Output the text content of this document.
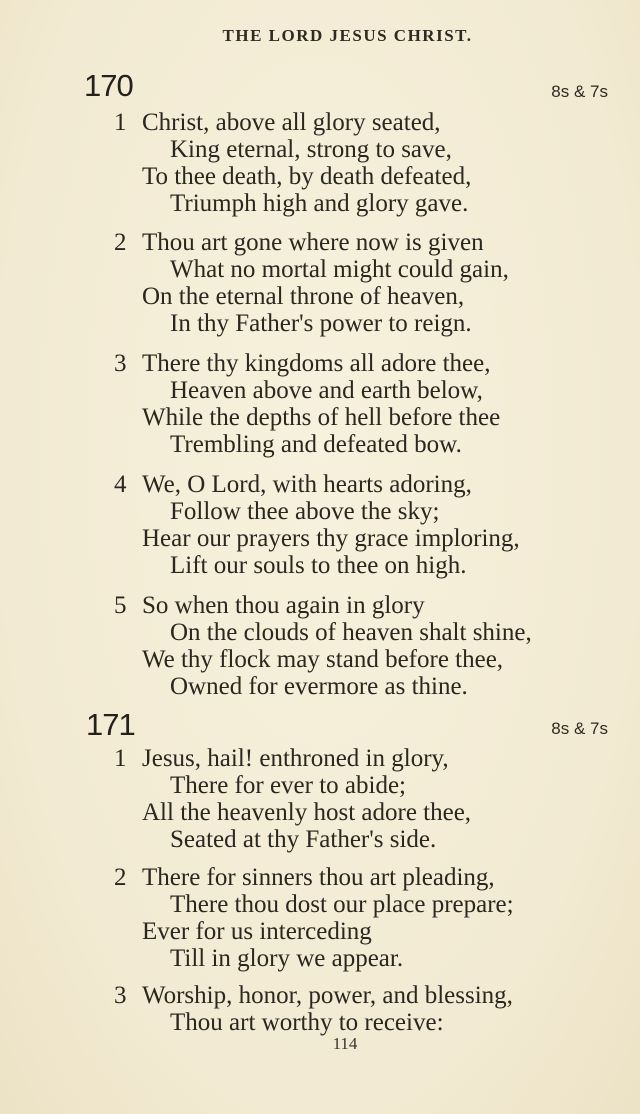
THE LORD JESUS CHRIST.
170	8s & 7s
1 Christ, above all glory seated,
King eternal, strong to save,
To thee death, by death defeated,
Triumph high and glory gave.
2 Thou art gone where now is given
What no mortal might could gain,
On the eternal throne of heaven,
In thy Father's power to reign.
3 There thy kingdoms all adore thee,
Heaven above and earth below,
While the depths of hell before thee
Trembling and defeated bow.
4 We, O Lord, with hearts adoring,
Follow thee above the sky;
Hear our prayers thy grace imploring,
Lift our souls to thee on high.
5 So when thou again in glory
On the clouds of heaven shalt shine,
We thy flock may stand before thee,
Owned for evermore as thine.
171	8s & 7s
1 Jesus, hail! enthroned in glory,
There for ever to abide;
All the heavenly host adore thee,
Seated at thy Father's side.
2 There for sinners thou art pleading,
There thou dost our place prepare;
Ever for us interceding
Till in glory we appear.
3 Worship, honor, power, and blessing,
Thou art worthy to receive:
114
